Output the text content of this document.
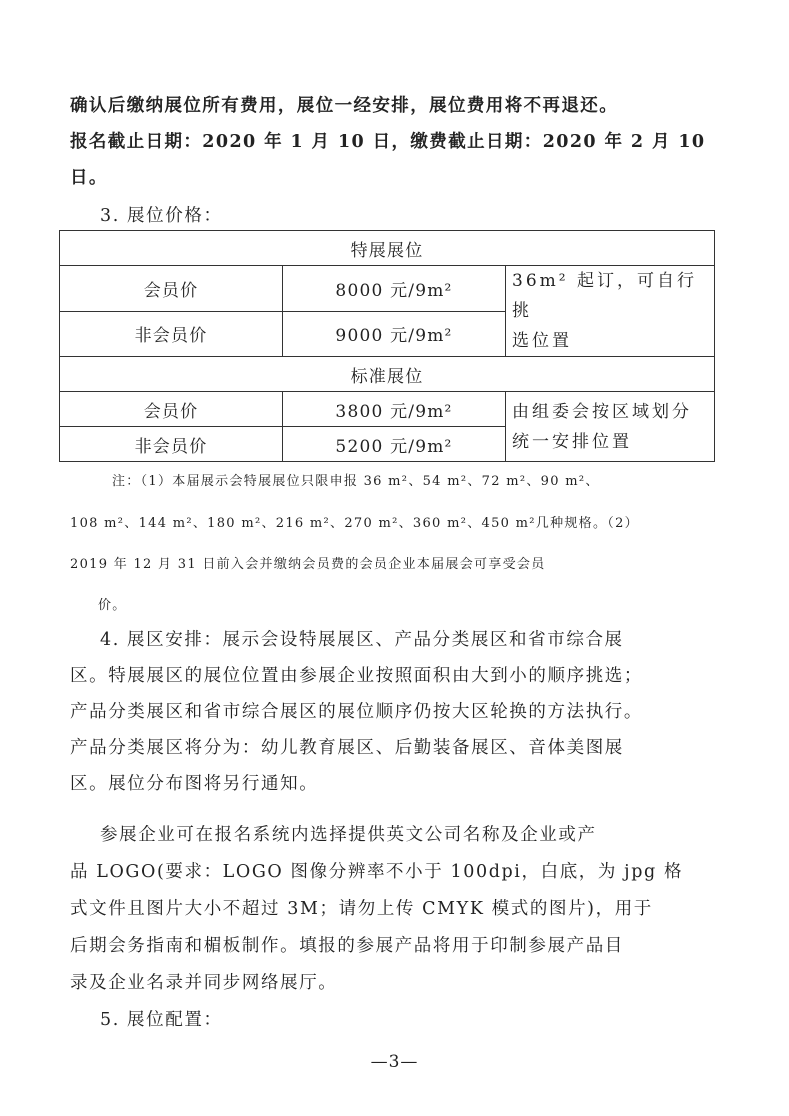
确认后缴纳展位所有费用，展位一经安排，展位费用将不再退还。
报名截止日期：2020 年 1 月 10 日，缴费截止日期：2020 年 2 月 10
日。
3. 展位价格：
特展展位		
会员价	8000 元/9m²	36m² 起订，可自行挑
选位置

非会员价	9000 元/9m²	
标准展位		
会员价	3800 元/9m²	由组委会按区域划分
统一安排位置

非会员价	5200 元/9m²	
注：（1）本届展示会特展展位只限申报 36 m²、54 m²、72 m²、90 m²、
108 m²、144 m²、180 m²、216 m²、270 m²、360 m²、450 m²几种规格。（2）
2019 年 12 月 31 日前入会并缴纳会员费的会员企业本届展会可享受会员
价。
4. 展区安排：展示会设特展展区、产品分类展区和省市综合展
区。特展展区的展位位置由参展企业按照面积由大到小的顺序挑选；
产品分类展区和省市综合展区的展位顺序仍按大区轮换的方法执行。
产品分类展区将分为：幼儿教育展区、后勤装备展区、音体美图展
区。展位分布图将另行通知。
参展企业可在报名系统内选择提供英文公司名称及企业或产
品 LOGO(要求：LOGO 图像分辨率不小于 100dpi，白底，为 jpg 格
式文件且图片大小不超过 3M；请勿上传 CMYK 模式的图片)，用于
后期会务指南和楣板制作。填报的参展产品将用于印制参展产品目
录及企业名录并同步网络展厅。
5. 展位配置：
—3—
